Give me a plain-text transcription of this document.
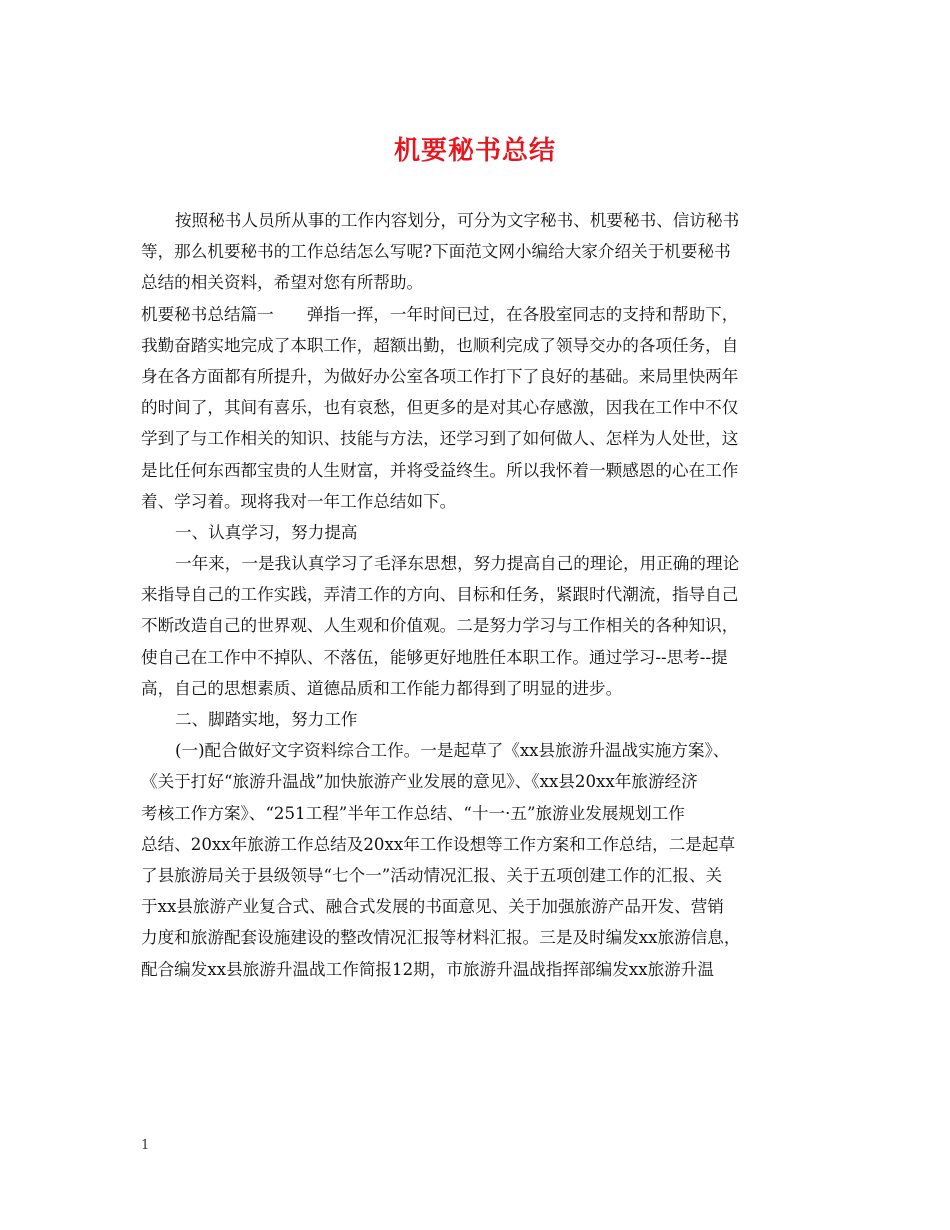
机要秘书总结
按照秘书人员所从事的工作内容划分，可分为文字秘书、机要秘书、信访秘书
等，那么机要秘书的工作总结怎么写呢?下面范文网小编给大家介绍关于机要秘书
总结的相关资料，希望对您有所帮助。
机要秘书总结篇一　　弹指一挥，一年时间已过，在各股室同志的支持和帮助下，
我勤奋踏实地完成了本职工作，超额出勤，也顺利完成了领导交办的各项任务，自
身在各方面都有所提升，为做好办公室各项工作打下了良好的基础。来局里快两年
的时间了，其间有喜乐，也有哀愁，但更多的是对其心存感激，因我在工作中不仅
学到了与工作相关的知识、技能与方法，还学习到了如何做人、怎样为人处世，这
是比任何东西都宝贵的人生财富，并将受益终生。所以我怀着一颗感恩的心在工作
着、学习着。现将我对一年工作总结如下。
一、认真学习，努力提高
一年来，一是我认真学习了毛泽东思想，努力提高自己的理论，用正确的理论
来指导自己的工作实践，弄清工作的方向、目标和任务，紧跟时代潮流，指导自己
不断改造自己的世界观、人生观和价值观。二是努力学习与工作相关的各种知识，
使自己在工作中不掉队、不落伍，能够更好地胜任本职工作。通过学习--思考--提
高，自己的思想素质、道德品质和工作能力都得到了明显的进步。
二、脚踏实地，努力工作
(一)配合做好文字资料综合工作。一是起草了《xx县旅游升温战实施方案》、
《关于打好“旅游升温战”加快旅游产业发展的意见》、《xx县20xx年旅游经济
考核工作方案》、“251工程”半年工作总结、“十一·五”旅游业发展规划工作
总结、20xx年旅游工作总结及20xx年工作设想等工作方案和工作总结，二是起草
了县旅游局关于县级领导“七个一”活动情况汇报、关于五项创建工作的汇报、关
于xx县旅游产业复合式、融合式发展的书面意见、关于加强旅游产品开发、营销
力度和旅游配套设施建设的整改情况汇报等材料汇报。三是及时编发xx旅游信息，
配合编发xx县旅游升温战工作简报12期，市旅游升温战指挥部编发xx旅游升温
1
